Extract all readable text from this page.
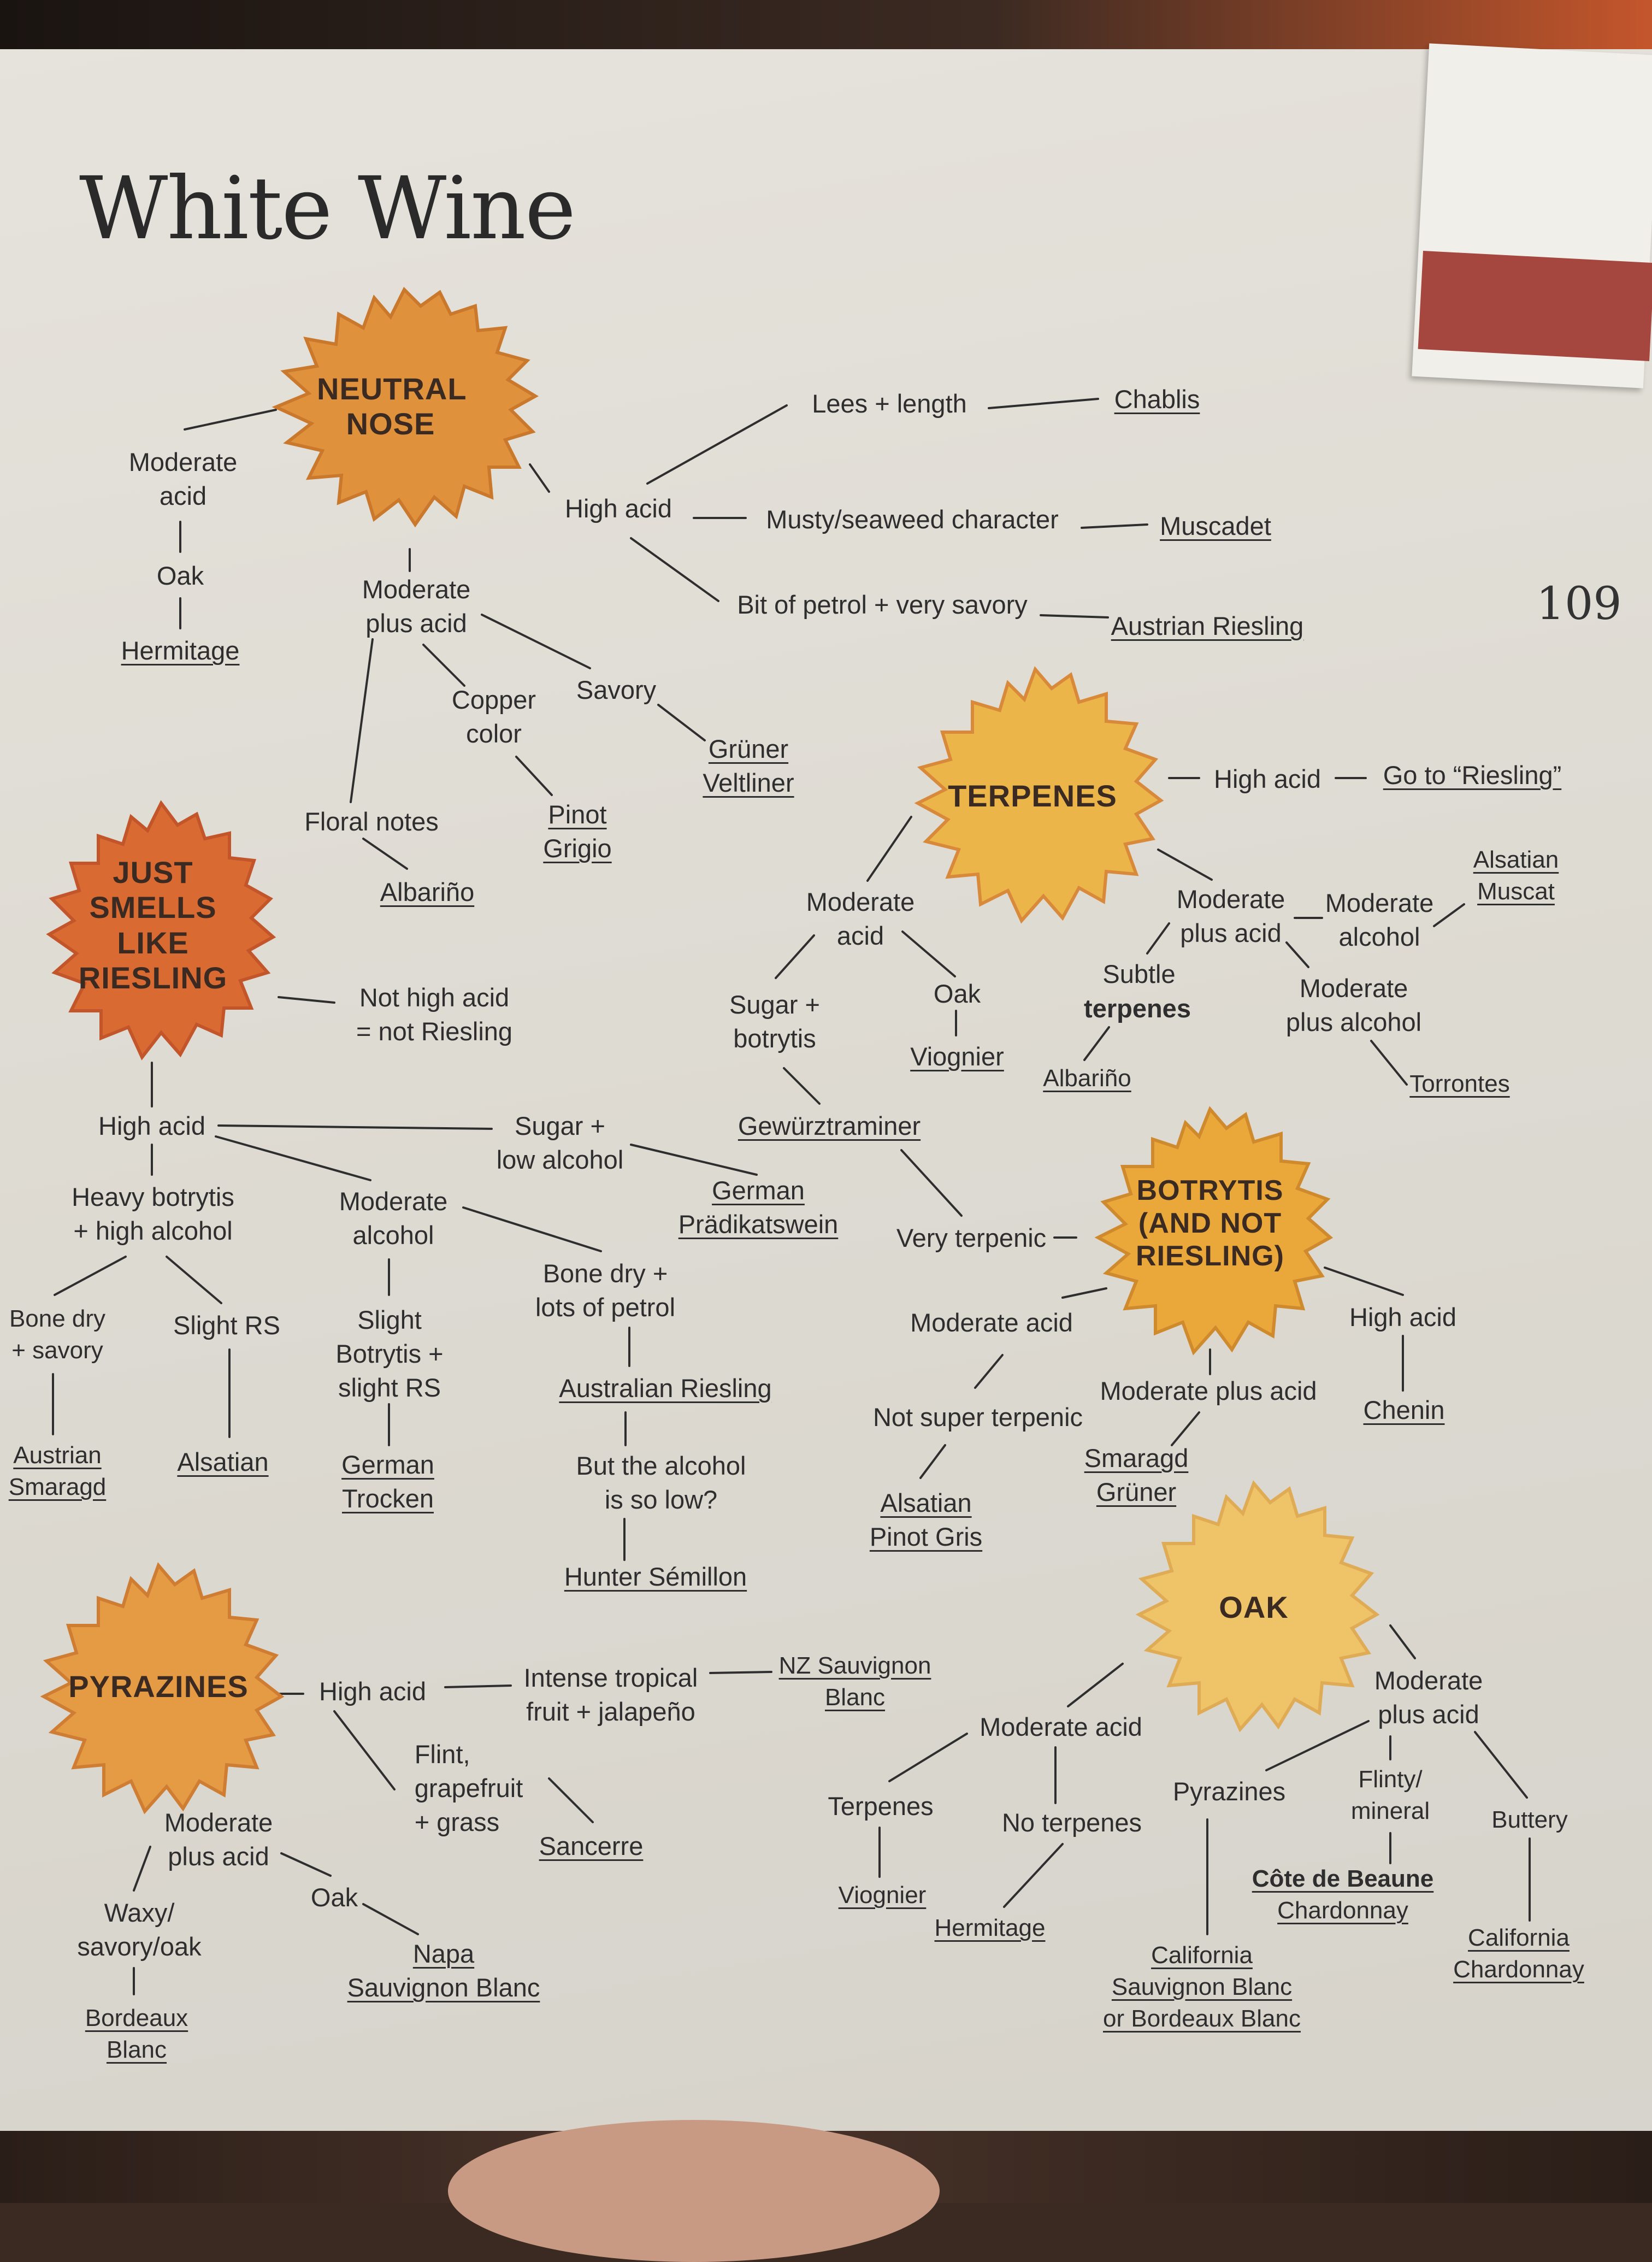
White Wine
109
NEUTRAL
NOSE
JUST
SMELLS
LIKE
RIESLING
TERPENES
BOTRYTIS
(AND NOT
RIESLING)
PYRAZINES
OAK
Moderate
acid
Oak
Hermitage
High acid
Lees + length	Chablis
Musty/seaweed character	Muscadet
Bit of petrol + very savory
Austrian Riesling
Moderate
plus acid
Savory
Grüner
Veltliner
Copper
color
Pinot
Grigio
Floral notes
Albariño
Not high acid
= not Riesling
High acid	Sugar +
low alcohol
German
Prädikatswein
Heavy botrytis
+ high alcohol
Moderate
alcohol
Bone dry +
lots of petrol
Bone dry
+ savory
Slight RS	Slight
Botrytis +
slight RS	Australian Riesling
But the alcohol
is so low?
Hunter Sémillon
Austrian
Smaragd
Alsatian	German
Trocken
High acid Go to “Riesling”
Moderate
acid
Sugar +
botrytis
Oak
Viognier
Gewürztraminer
Moderate
plus acid
Moderate
alcohol
Alsatian
Muscat
Subtle
terpenes
Albariño
Moderate
plus alcohol
Torrontes
Very terpenic
Moderate acid
Not super terpenic
Alsatian
Pinot Gris
Moderate plus acid
Smaragd
Grüner
High acid
Chenin
High acid	Intense tropical
fruit + jalapeño
NZ Sauvignon
Blanc
Flint,
grapefruit
+ grass
Sancerre
Moderate
plus acid
Waxy/
savory/oak
Bordeaux
Blanc
Oak
Napa
Sauvignon Blanc
Moderate acid
Terpenes
Viognier
No terpenes
Hermitage
Moderate
plus acid
Pyrazines
California
Sauvignon Blanc
or Bordeaux Blanc
Flinty/
mineral
Côte de Beaune
Chardonnay
Buttery
California
Chardonnay
